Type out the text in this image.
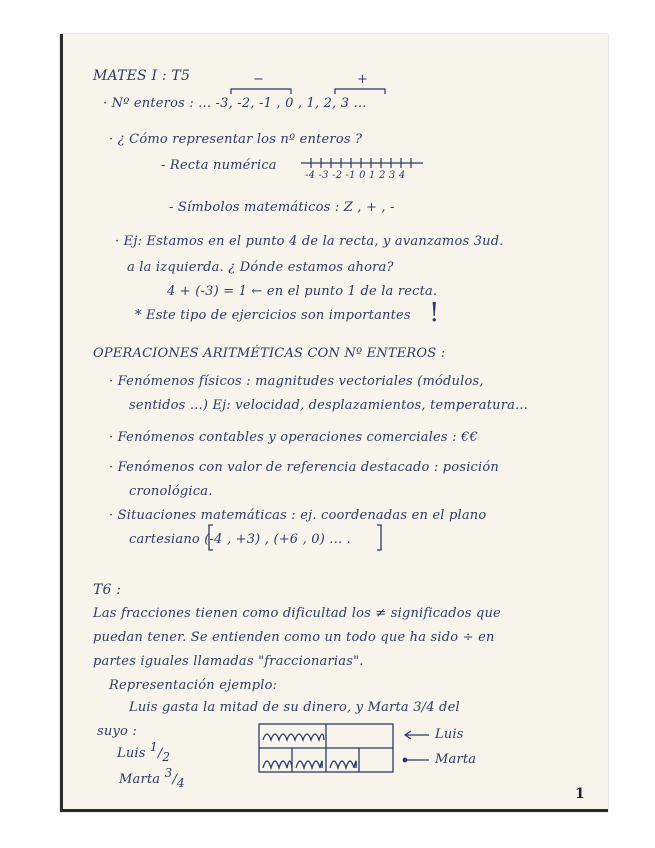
MATES I : T5	−	+
· Nº enteros : ... -3, -2, -1 , 0 , 1, 2, 3 ...
· ¿ Cómo representar los nº enteros ?
- Recta numérica
-4 -3 -2 -1 0 1 2 3 4
- Símbolos matemáticos : Z , + , -
· Ej: Estamos en el punto 4 de la recta, y avanzamos 3ud.
a la izquierda. ¿ Dónde estamos ahora?
4 + (-3) = 1 ← en el punto 1 de la recta.
* Este tipo de ejercicios son importantes !
OPERACIONES ARITMÉTICAS CON Nº ENTEROS :
· Fenómenos físicos : magnitudes vectoriales (módulos,
sentidos ...) Ej: velocidad, desplazamientos, temperatura...
· Fenómenos contables y operaciones comerciales : €€
· Fenómenos con valor de referencia destacado : posición
cronológica.
· Situaciones matemáticas : ej. coordenadas en el plano
cartesiano (-4 , +3) , (+6 , 0) ... .
T6 :
Las fracciones tienen como dificultad los ≠ significados que
puedan tener. Se entienden como un todo que ha sido ÷ en
partes iguales llamadas "fraccionarias".
Representación ejemplo:
Luis gasta la mitad de su dinero, y Marta 3/4 del
suyo :
Luis 1/2
Marta 3/4
Luis
Marta
1
